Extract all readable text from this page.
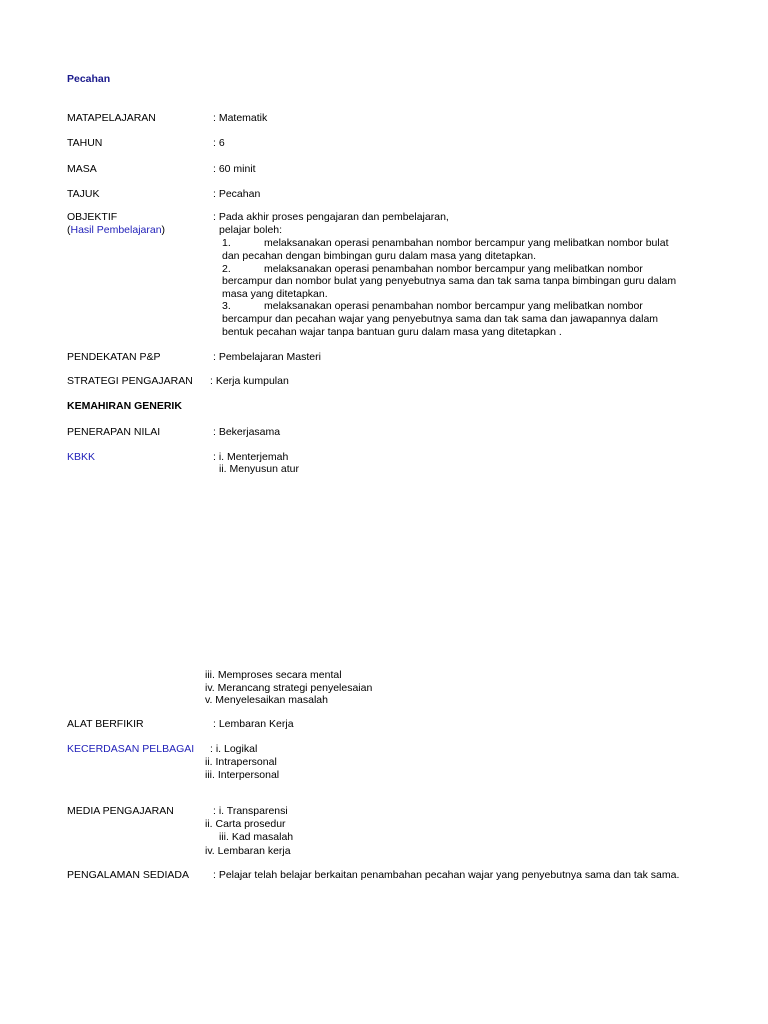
Pecahan
MATAPELAJARAN	: Matematik
TAHUN	: 6
MASA	: 60 minit
TAJUK	: Pecahan
OBJEKTIF
(Hasil Pembelajaran)
: Pada akhir proses pengajaran dan pembelajaran,
pelajar boleh:
1.	melaksanakan operasi penambahan nombor bercampur yang melibatkan nombor bulat
dan pecahan dengan bimbingan guru dalam masa yang ditetapkan.
2.	melaksanakan operasi penambahan nombor bercampur yang melibatkan nombor
bercampur dan nombor bulat yang penyebutnya sama dan tak sama tanpa bimbingan guru dalam
masa yang ditetapkan.
3.	melaksanakan operasi penambahan nombor bercampur yang melibatkan nombor
bercampur dan pecahan wajar yang penyebutnya sama dan tak sama dan jawapannya dalam
bentuk pecahan wajar tanpa bantuan guru dalam masa yang ditetapkan .
PENDEKATAN P&P	: Pembelajaran Masteri
STRATEGI PENGAJARAN : Kerja kumpulan
KEMAHIRAN GENERIK
PENERAPAN NILAI	: Bekerjasama
KBKK	: i. Menterjemah
ii. Menyusun atur
iii. Memproses secara mental
iv. Merancang strategi penyelesaian
v. Menyelesaikan masalah
ALAT BERFIKIR	: Lembaran Kerja
KECERDASAN PELBAGAI : i. Logikal
ii. Intrapersonal
iii. Interpersonal
MEDIA PENGAJARAN	: i. Transparensi
ii. Carta prosedur
iii. Kad masalah
iv. Lembaran kerja
PENGALAMAN SEDIADA : Pelajar telah belajar berkaitan penambahan pecahan wajar yang penyebutnya sama dan tak sama.
